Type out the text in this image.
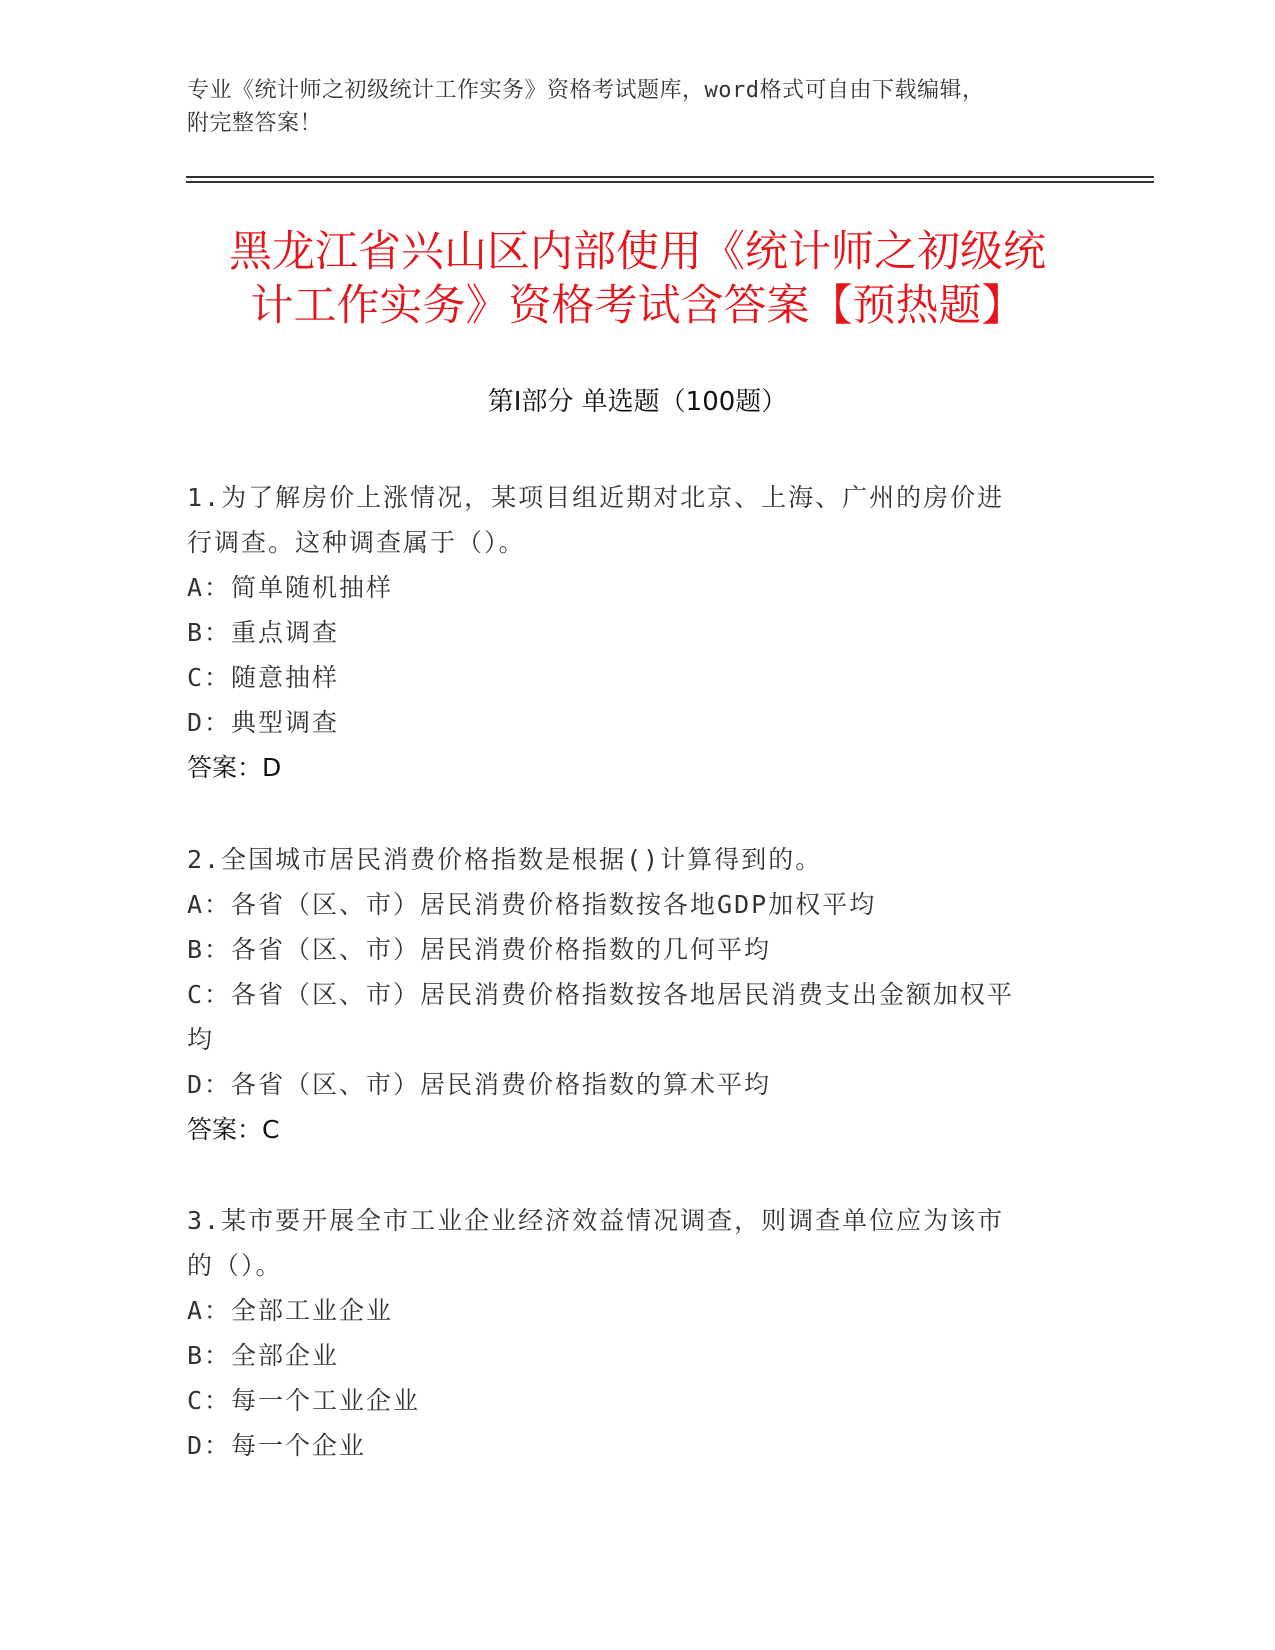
专业《统计师之初级统计工作实务》资格考试题库，word格式可自由下载编辑，
附完整答案！
黑龙江省兴山区内部使用《统计师之初级统
计工作实务》资格考试含答案【预热题】
第Ⅰ部分 单选题（100题）
1.为了解房价上涨情况，某项目组近期对北京、上海、广州的房价进
行调查。这种调查属于（）。
A：简单随机抽样
B：重点调查
C：随意抽样
D：典型调查
答案：D
2.全国城市居民消费价格指数是根据()计算得到的。
A：各省（区、市）居民消费价格指数按各地GDP加权平均
B：各省（区、市）居民消费价格指数的几何平均
C：各省（区、市）居民消费价格指数按各地居民消费支出金额加权平
均
D：各省（区、市）居民消费价格指数的算术平均
答案：C
3.某市要开展全市工业企业经济效益情况调查，则调查单位应为该市
的（）。
A：全部工业企业
B：全部企业
C：每一个工业企业
D：每一个企业
